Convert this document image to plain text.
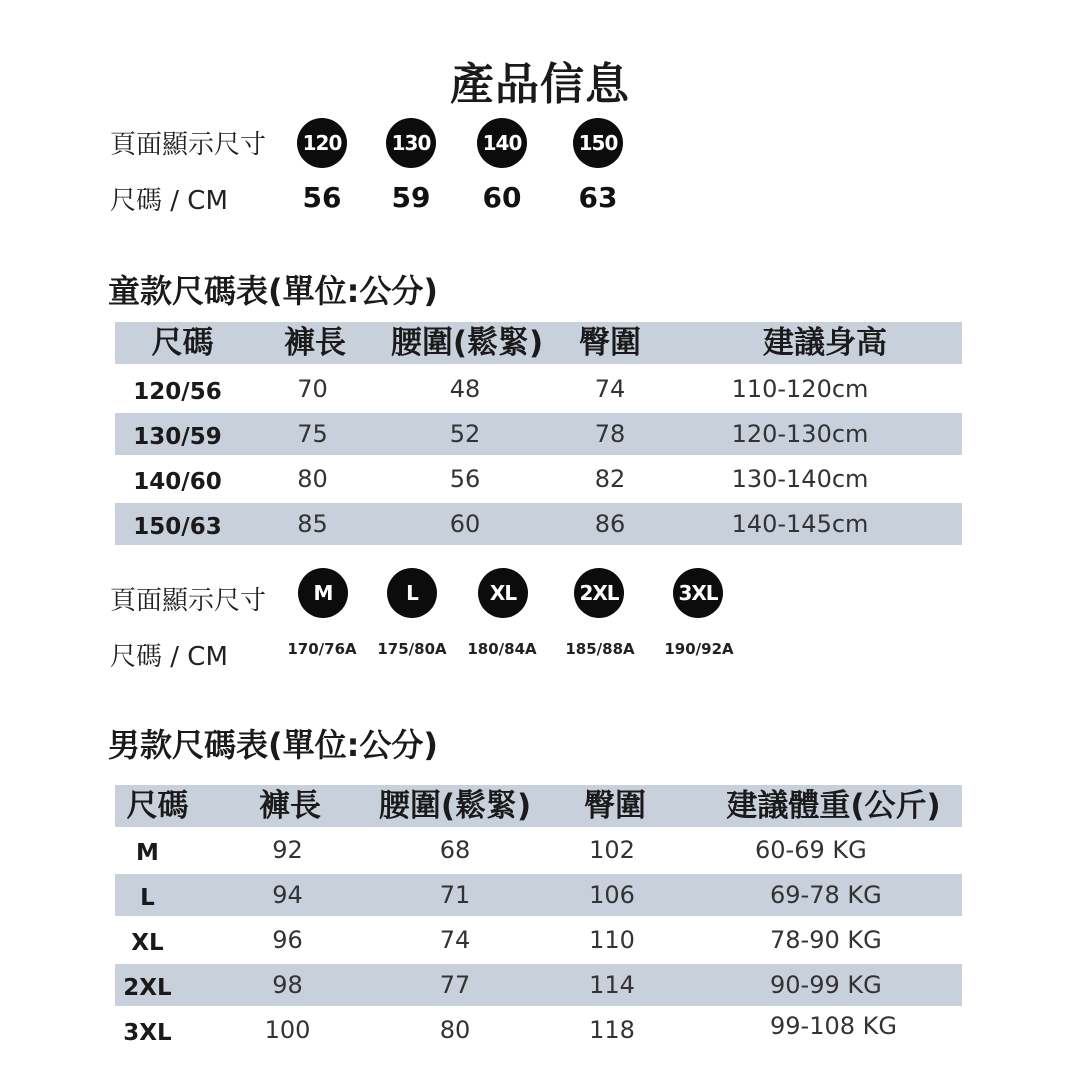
產品信息
頁面顯示尺寸
尺碼 / CM
120	130	140	150
56	59	60	63
童款尺碼表(單位:公分)
尺碼	褲長	腰圍(鬆緊)	臀圍	建議身高
120/56	70	48	74	110-120cm
130/59	75	52	78	120-130cm
140/60	80	56	82	130-140cm
150/63	85	60	86	140-145cm
頁面顯示尺寸
尺碼 / CM
M	L	XL	2XL	3XL
170/76A	175/80A	180/84A	185/88A	190/92A
男款尺碼表(單位:公分)
尺碼	褲長	腰圍(鬆緊)	臀圍	建議體重(公斤)
M	92	68	102	60-69 KG
L	94	71	106	69-78 KG
XL	96	74	110	78-90 KG
2XL	98	77	114	90-99 KG
3XL	100	80	118	99-108 KG
